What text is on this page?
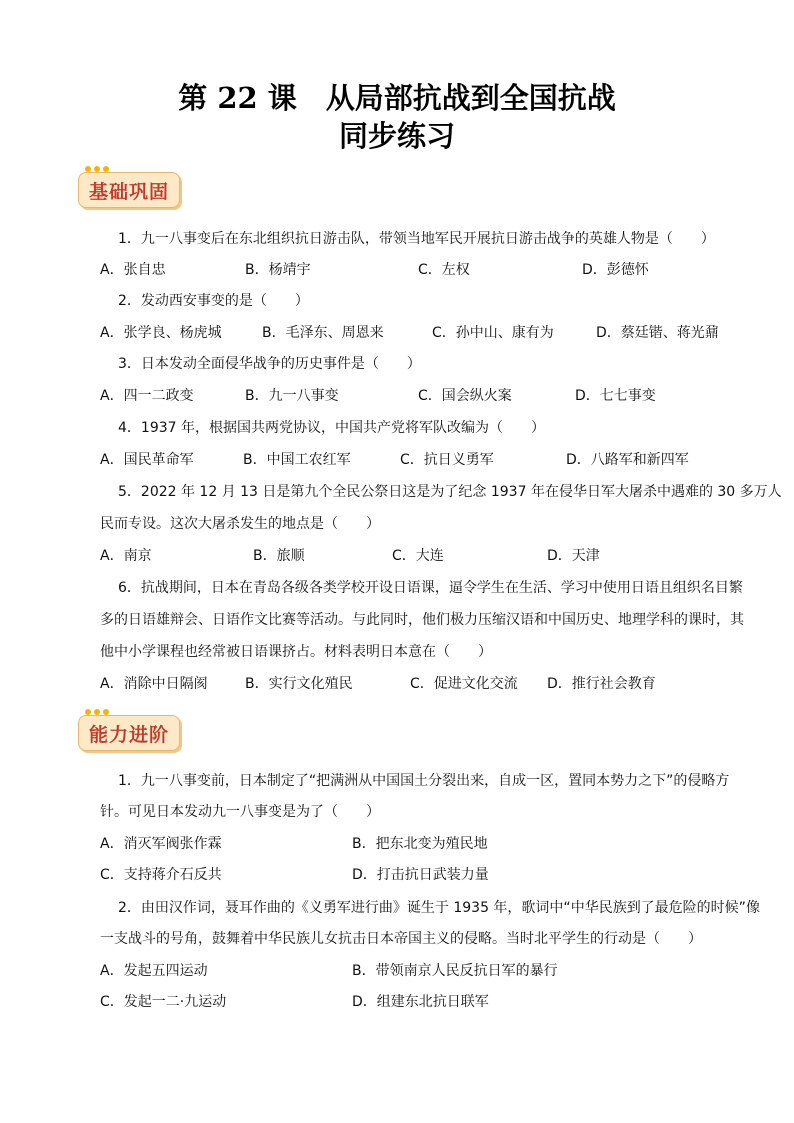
第 22 课　从局部抗战到全国抗战
同步练习
基础巩固
1．九一八事变后在东北组织抗日游击队，带领当地军民开展抗日游击战争的英雄人物是（　　）
A．张自忠	B．杨靖宇	C．左权	D．彭德怀
2．发动西安事变的是（　　）
A．张学良、杨虎城	B．毛泽东、周恩来	C．孙中山、康有为	D．蔡廷锴、蒋光鼐
3．日本发动全面侵华战争的历史事件是（　　）
A．四一二政变	B．九一八事变	C．国会纵火案	D．七七事变
4．1937 年，根据国共两党协议，中国共产党将军队改编为（　　）
A．国民革命军	B．中国工农红军	C．抗日义勇军	D．八路军和新四军
5．2022 年 12 月 13 日是第九个全民公祭日这是为了纪念 1937 年在侵华日军大屠杀中遇难的 30 多万人
民而专设。这次大屠杀发生的地点是（　　）
A．南京	B．旅顺	C．大连	D．天津
6．抗战期间，日本在青岛各级各类学校开设日语课，逼令学生在生活、学习中使用日语且组织名目繁
多的日语雄辩会、日语作文比赛等活动。与此同时，他们极力压缩汉语和中国历史、地理学科的课时，其
他中小学课程也经常被日语课挤占。材料表明日本意在（　　）
A．消除中日隔阂	B．实行文化殖民	C．促进文化交流 D．推行社会教育
能力进阶
1．九一八事变前，日本制定了“把满洲从中国国土分裂出来，自成一区，置同本势力之下”的侵略方
针。可见日本发动九一八事变是为了（　　）
A．消灭军阀张作霖	B．把东北变为殖民地
C．支持蒋介石反共	D．打击抗日武装力量
2．由田汉作词，聂耳作曲的《义勇军进行曲》诞生于 1935 年，歌词中“中华民族到了最危险的时候”像
一支战斗的号角，鼓舞着中华民族儿女抗击日本帝国主义的侵略。当时北平学生的行动是（　　）
A．发起五四运动	B．带领南京人民反抗日军的暴行
C．发起一二·九运动	D．组建东北抗日联军
